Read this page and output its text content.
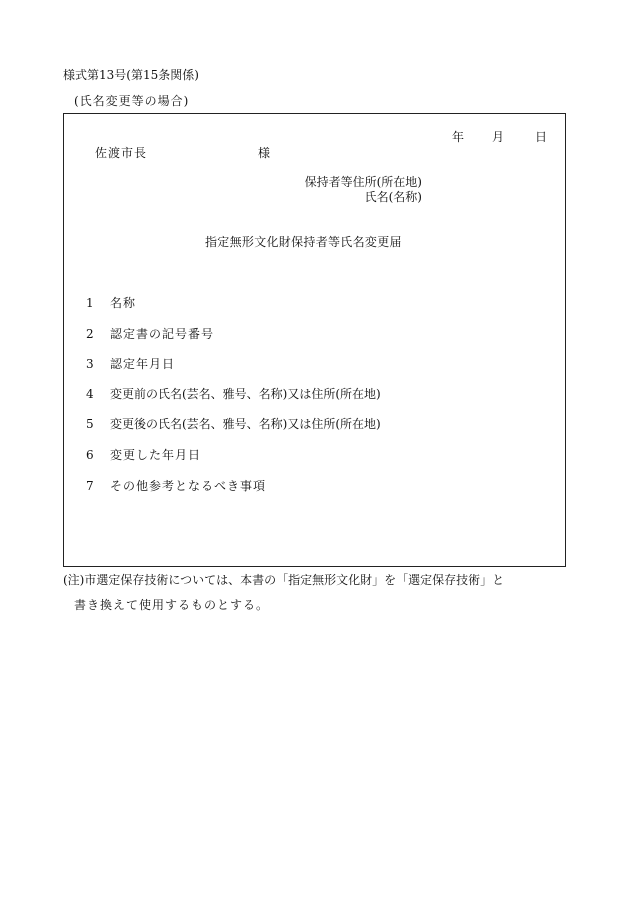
様式第13号(第15条関係)
(氏名変更等の場合)
年 月	日
佐渡市長	様
保持者等住所(所在地)
氏名(名称)
指定無形文化財保持者等氏名変更届
1 名称
2 認定書の記号番号
3 認定年月日
4 変更前の氏名(芸名、雅号、名称)又は住所(所在地)
5 変更後の氏名(芸名、雅号、名称)又は住所(所在地)
6 変更した年月日
7 その他参考となるべき事項
(注)市選定保存技術については、本書の「指定無形文化財」を「選定保存技術」と
書き換えて使用するものとする。
